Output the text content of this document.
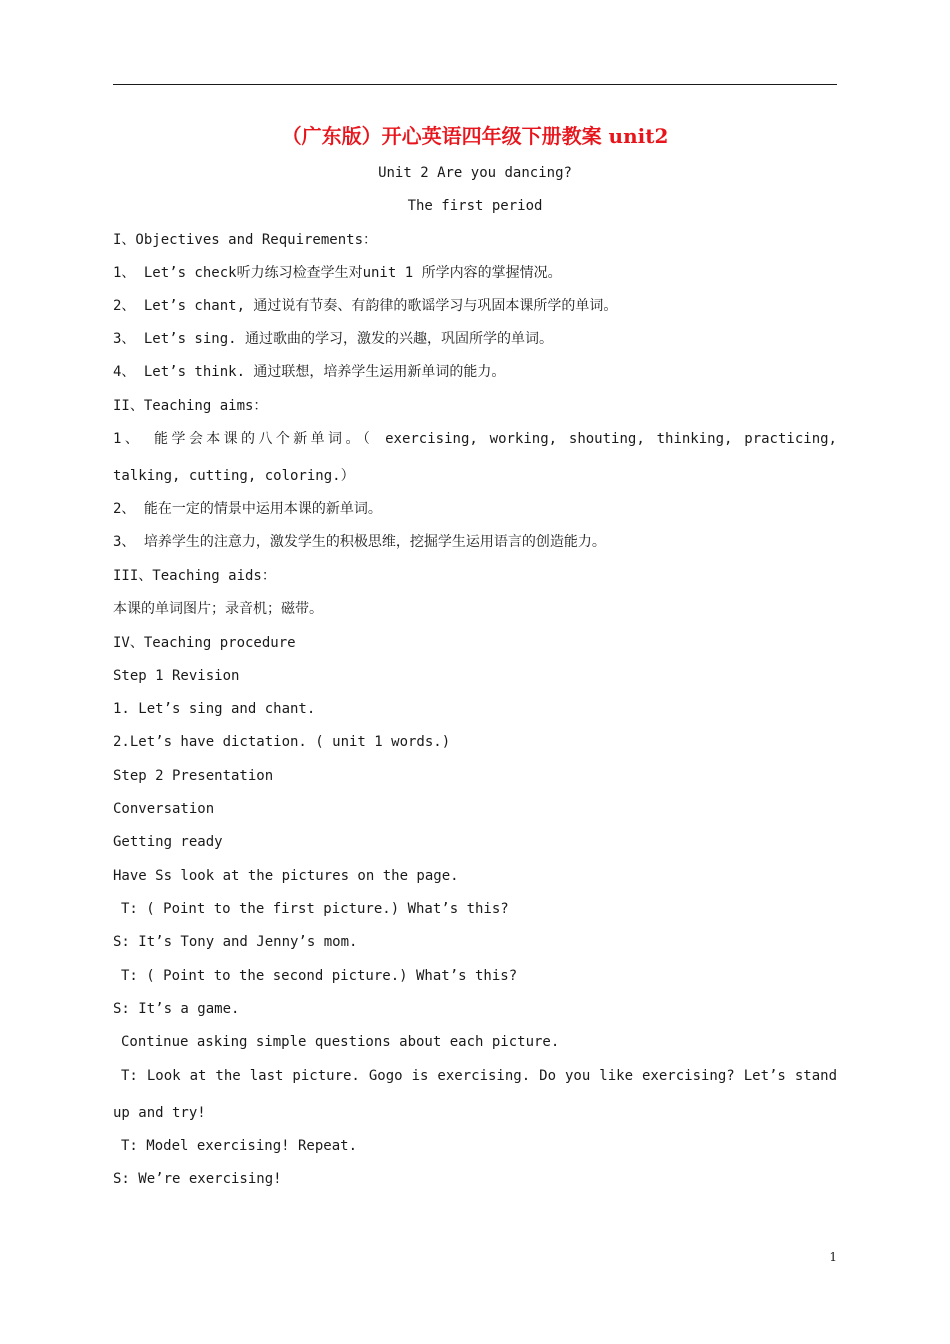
（广东版）开心英语四年级下册教案 unit2
Unit 2 Are you dancing?
The first period
I、Objectives and Requirements：
1、 Let’s check听力练习检查学生对unit 1 所学内容的掌握情况。
2、 Let’s chant, 通过说有节奏、有韵律的歌谣学习与巩固本课所学的单词。
3、 Let’s sing. 通过歌曲的学习，激发的兴趣，巩固所学的单词。
4、 Let’s think. 通过联想，培养学生运用新单词的能力。
II、Teaching aims：
1、 能学会本课的八个新单词。（ exercising, working, shouting, thinking, practicing,
talking, cutting, coloring.）
2、 能在一定的情景中运用本课的新单词。
3、 培养学生的注意力，激发学生的积极思维，挖掘学生运用语言的创造能力。
III、Teaching aids：
本课的单词图片；录音机；磁带。
IV、Teaching procedure
Step 1 Revision
1. Let’s sing and chant.
2.Let’s have dictation. ( unit 1 words.)
Step 2 Presentation
Conversation
Getting ready
Have Ss look at the pictures on the page.
T: ( Point to the first picture.) What’s this?
S: It’s Tony and Jenny’s mom.
T: ( Point to the second picture.) What’s this?
S: It’s a game.
Continue asking simple questions about each picture.
T: Look at the last picture. Gogo is exercising. Do you like exercising? Let’s stand
up and try!
T: Model exercising! Repeat.
S: We’re exercising!
1
